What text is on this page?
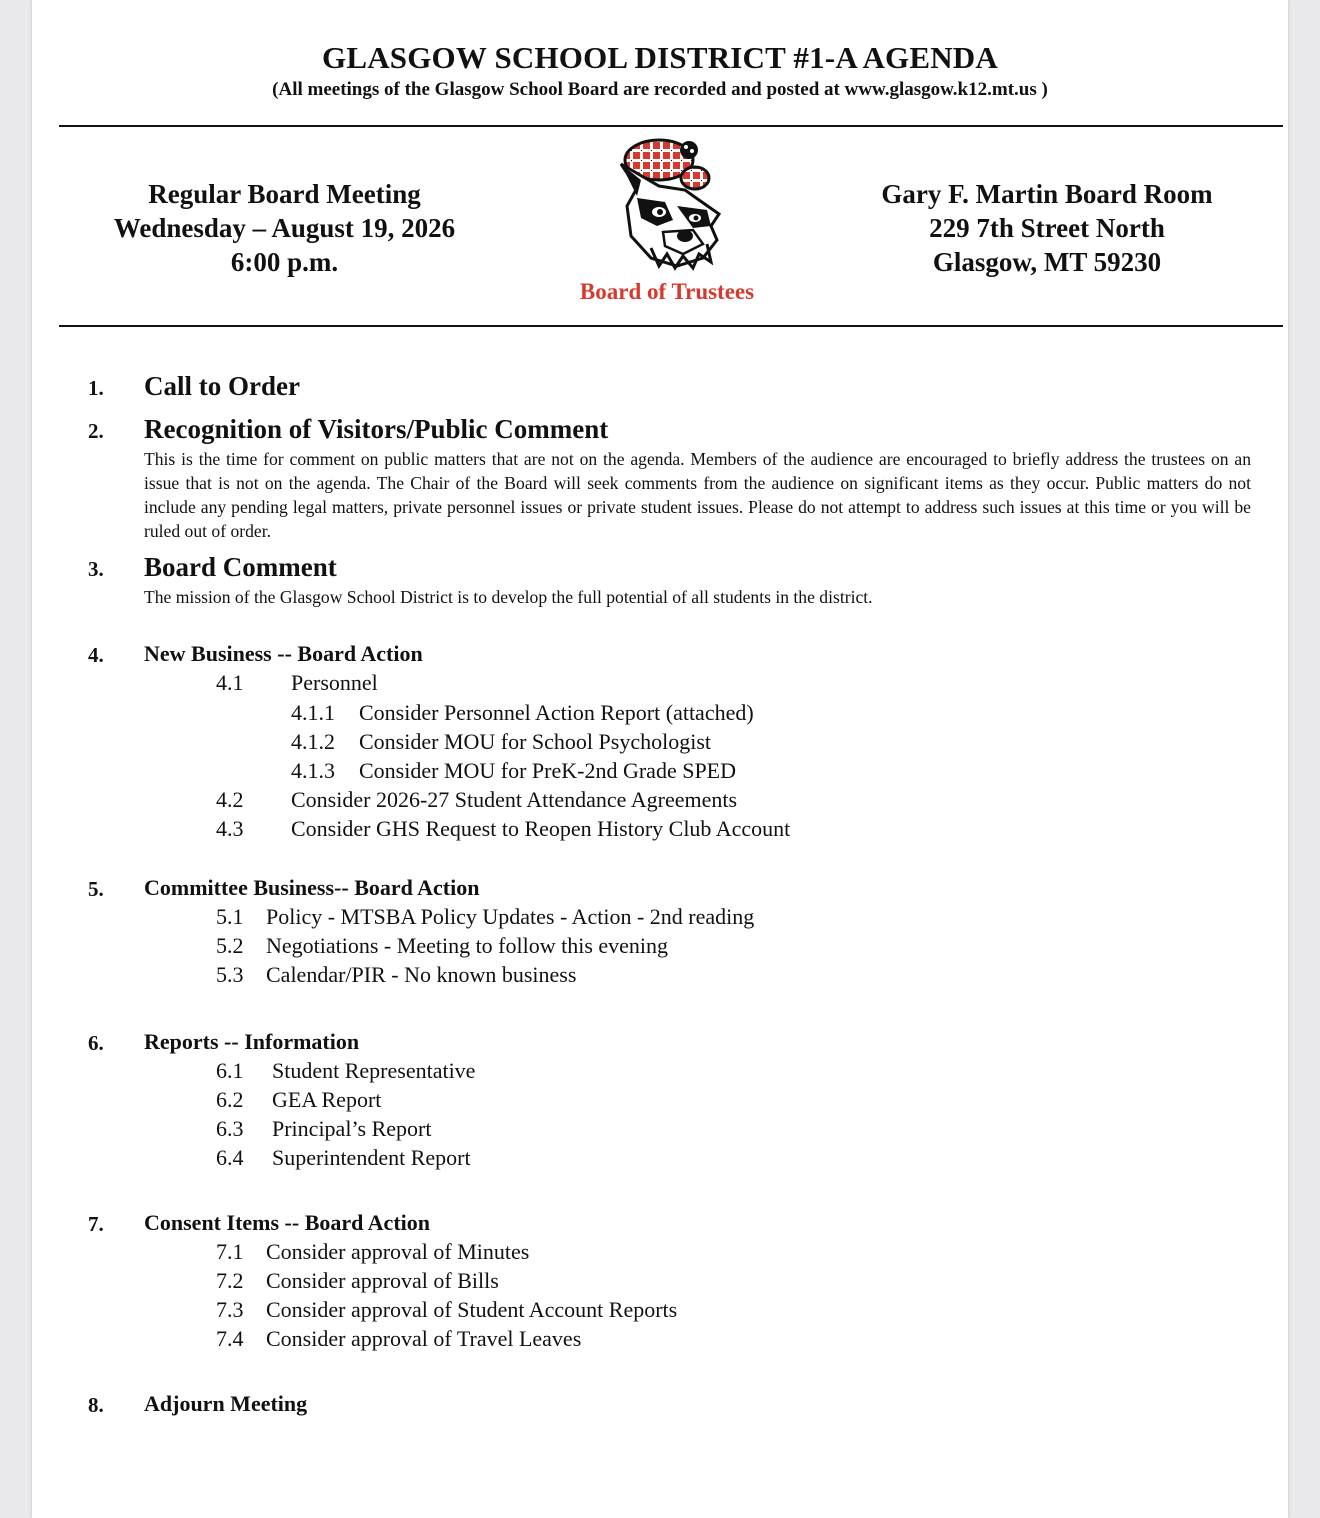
GLASGOW SCHOOL DISTRICT #1-A AGENDA
(All meetings of the Glasgow School Board are recorded and posted at www.glasgow.k12.mt.us )
Regular Board Meeting
Wednesday – August 19, 2026
6:00 p.m.
Board of Trustees
Gary F. Martin Board Room
229 7th Street North
Glasgow, MT 59230
1. Call to Order
2. Recognition of Visitors/Public Comment
This is the time for comment on public matters that are not on the agenda. Members of the audience are encouraged to briefly address the trustees on an issue that is not on the agenda. The Chair of the Board will seek comments from the audience on significant items as they occur. Public matters do not include any pending legal matters, private personnel issues or private student issues. Please do not attempt to address such issues at this time or you will be ruled out of order.
3. Board Comment
The mission of the Glasgow School District is to develop the full potential of all students in the district.
4. New Business -- Board Action
4.1 Personnel
4.1.1 Consider Personnel Action Report (attached)
4.1.2 Consider MOU for School Psychologist
4.1.3 Consider MOU for PreK-2nd Grade SPED
4.2 Consider 2026-27 Student Attendance Agreements
4.3 Consider GHS Request to Reopen History Club Account
5. Committee Business-- Board Action
5.1 Policy - MTSBA Policy Updates - Action - 2nd reading
5.2 Negotiations - Meeting to follow this evening
5.3 Calendar/PIR - No known business
6. Reports -- Information
6.1 Student Representative
6.2 GEA Report
6.3 Principal’s Report
6.4 Superintendent Report
7. Consent Items -- Board Action
7.1 Consider approval of Minutes
7.2 Consider approval of Bills
7.3 Consider approval of Student Account Reports
7.4 Consider approval of Travel Leaves
8. Adjourn Meeting
